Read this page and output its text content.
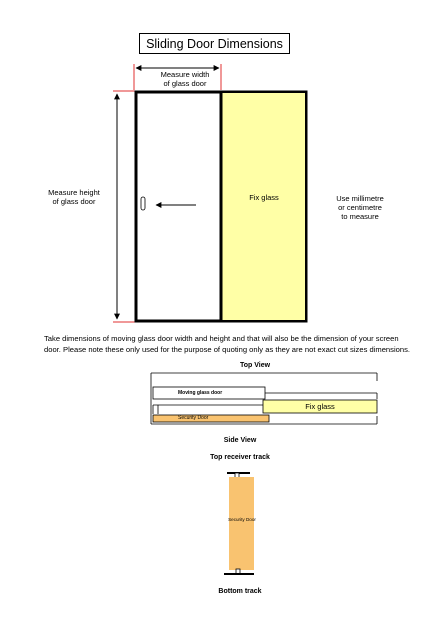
Sliding Door Dimensions
Measure width
of glass door
Measure height
of glass door	Fix glass	Use millimetre
or centimetre
to measure
Take dimensions of moving glass door width and height and that will also be the dimension of your screen door. Please note these only used for the purpose of quoting only as they are not exact cut sizes dimensions.
Top View
Moving glass door
Fix glass
Security Door
Side View
Top receiver track
Security Door
Bottom track
